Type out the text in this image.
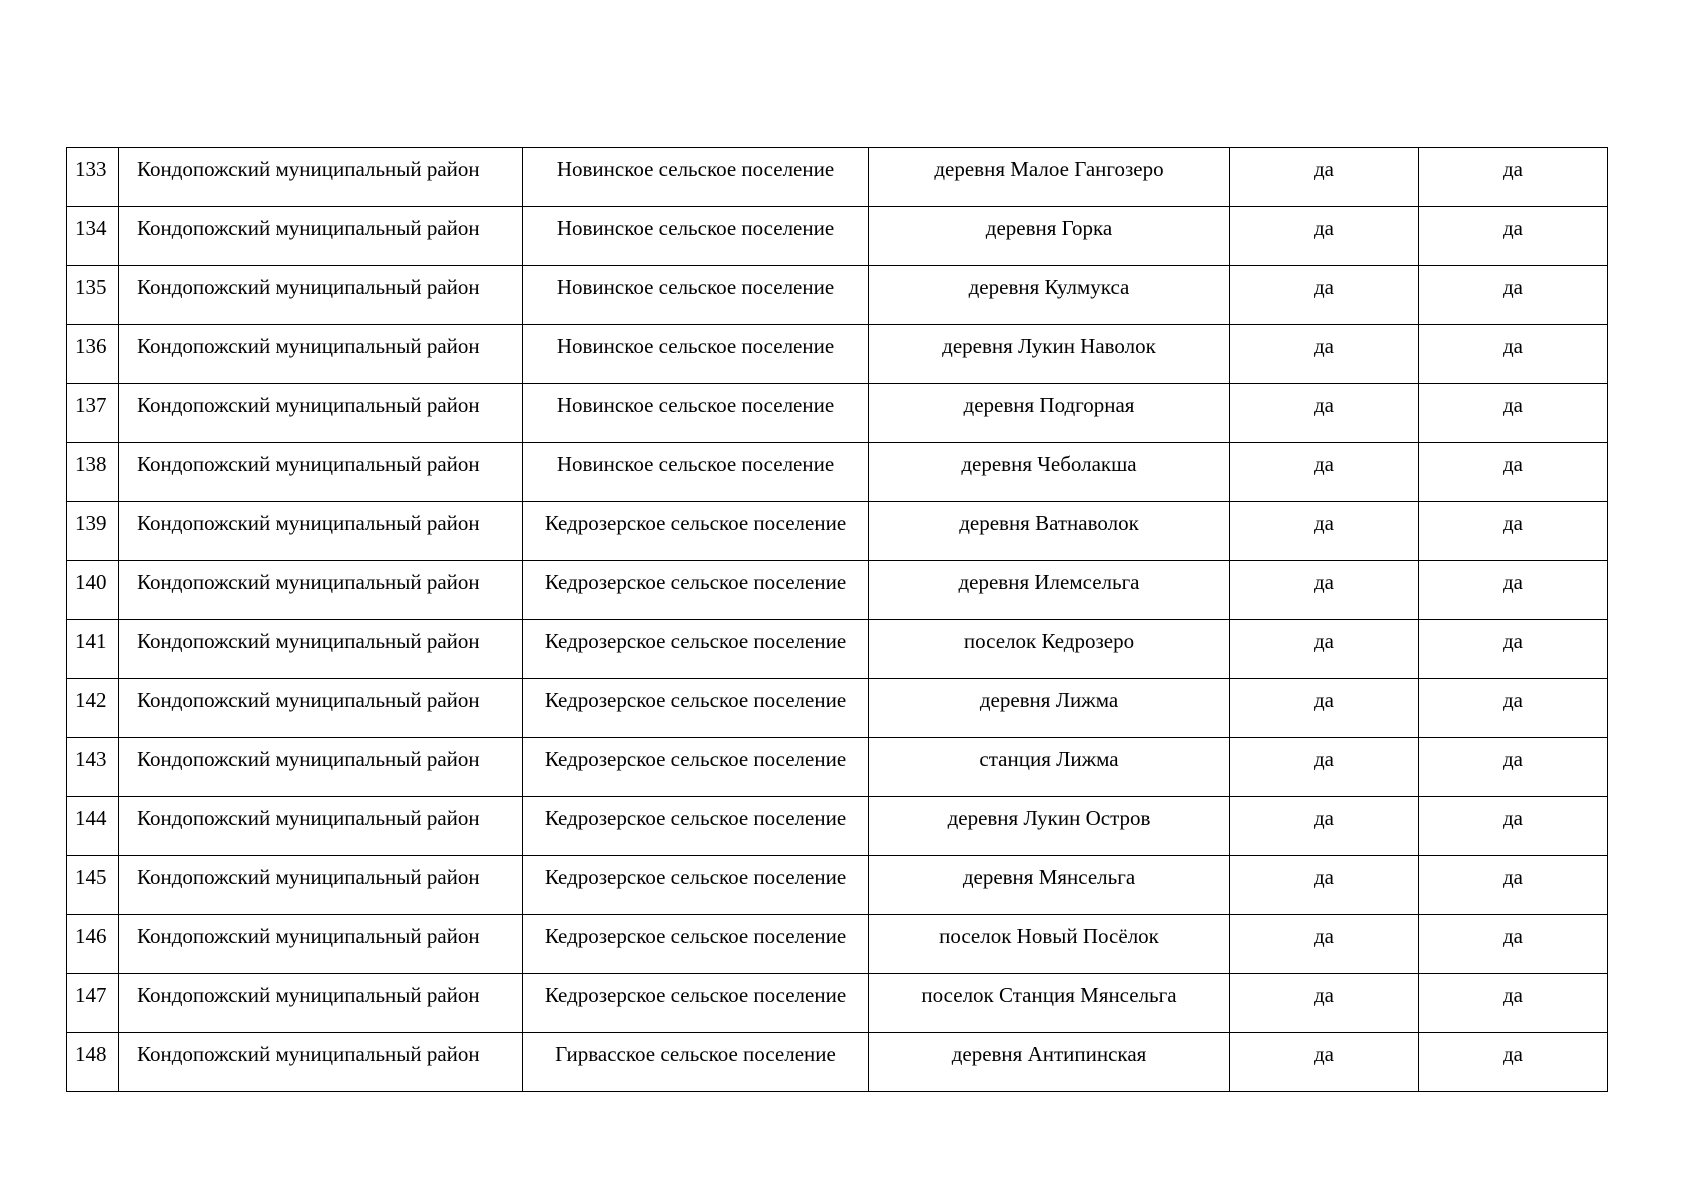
133	Кондопожский муниципальный район	Новинское сельское поселение	деревня Малое Гангозеро	да	да

134	Кондопожский муниципальный район	Новинское сельское поселение	деревня Горка	да	да

135	Кондопожский муниципальный район	Новинское сельское поселение	деревня Кулмукса	да	да

136	Кондопожский муниципальный район	Новинское сельское поселение	деревня Лукин Наволок	да	да

137	Кондопожский муниципальный район	Новинское сельское поселение	деревня Подгорная	да	да

138	Кондопожский муниципальный район	Новинское сельское поселение	деревня Чеболакша	да	да

139	Кондопожский муниципальный район	Кедрозерское сельское поселение	деревня Ватнаволок	да	да

140	Кондопожский муниципальный район	Кедрозерское сельское поселение	деревня Илемсельга	да	да

141	Кондопожский муниципальный район	Кедрозерское сельское поселение	поселок Кедрозеро	да	да

142	Кондопожский муниципальный район	Кедрозерское сельское поселение	деревня Лижма	да	да

143	Кондопожский муниципальный район	Кедрозерское сельское поселение	станция Лижма	да	да

144	Кондопожский муниципальный район	Кедрозерское сельское поселение	деревня Лукин Остров	да	да

145	Кондопожский муниципальный район	Кедрозерское сельское поселение	деревня Мянсельга	да	да

146	Кондопожский муниципальный район	Кедрозерское сельское поселение	поселок Новый Посёлок	да	да

147	Кондопожский муниципальный район	Кедрозерское сельское поселение	поселок Станция Мянсельга	да	да

148	Кондопожский муниципальный район	Гирвасское сельское поселение	деревня Антипинская	да	да
